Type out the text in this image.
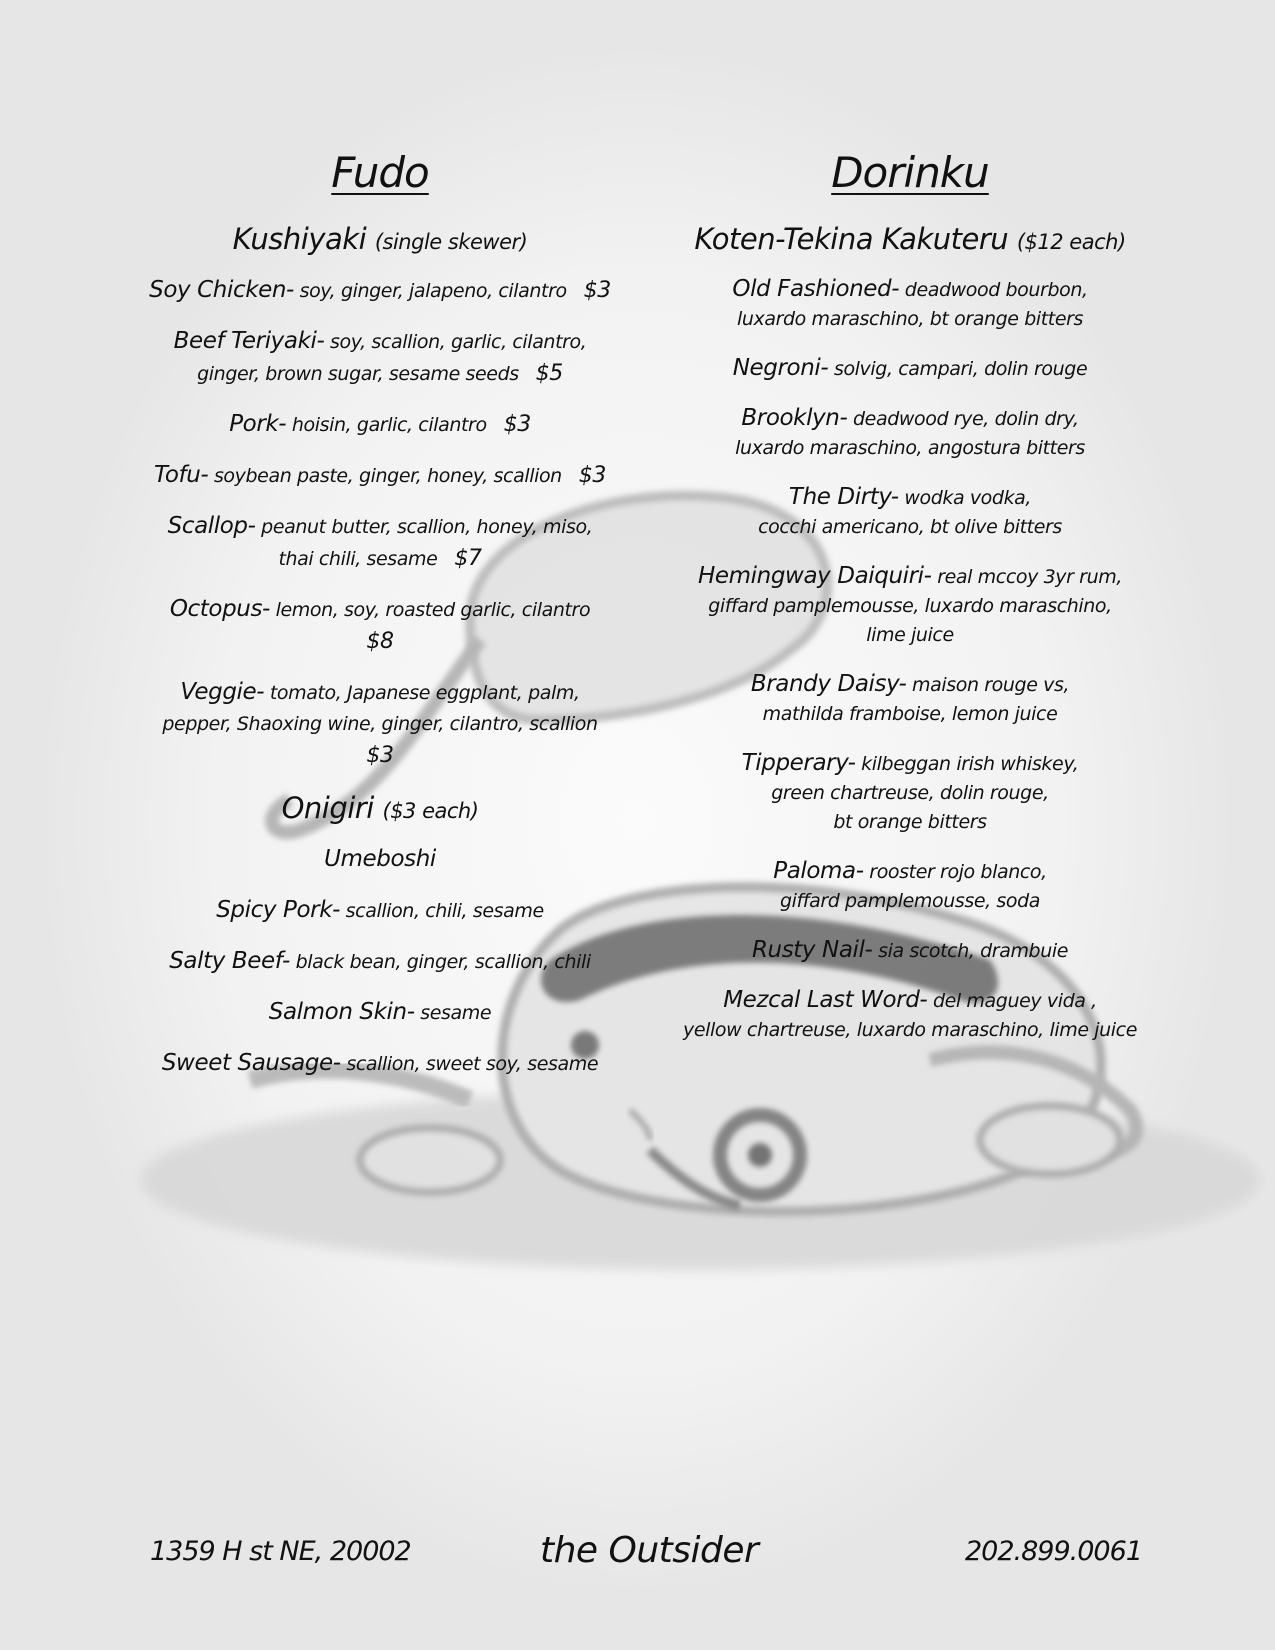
Fudo
Kushiyaki (single skewer)
Soy Chicken- soy, ginger, jalapeno, cilantro $3
Beef Teriyaki- soy, scallion, garlic, cilantro,
ginger, brown sugar, sesame seeds $5
Pork- hoisin, garlic, cilantro $3
Tofu- soybean paste, ginger, honey, scallion $3
Scallop- peanut butter, scallion, honey, miso,
thai chili, sesame $7
Octopus- lemon, soy, roasted garlic, cilantro
$8
Veggie- tomato, Japanese eggplant, palm,
pepper, Shaoxing wine, ginger, cilantro, scallion
$3
Onigiri ($3 each)
Umeboshi
Spicy Pork- scallion, chili, sesame
Salty Beef- black bean, ginger, scallion, chili
Salmon Skin- sesame
Sweet Sausage- scallion, sweet soy, sesame
Dorinku
Koten-Tekina Kakuteru ($12 each)
Old Fashioned- deadwood bourbon,
luxardo maraschino, bt orange bitters
Negroni- solvig, campari, dolin rouge
Brooklyn- deadwood rye, dolin dry,
luxardo maraschino, angostura bitters
The Dirty- wodka vodka,
cocchi americano, bt olive bitters
Hemingway Daiquiri- real mccoy 3yr rum,
giffard pamplemousse, luxardo maraschino,
lime juice
Brandy Daisy- maison rouge vs,
mathilda framboise, lemon juice
Tipperary- kilbeggan irish whiskey,
green chartreuse, dolin rouge,
bt orange bitters
Paloma- rooster rojo blanco,
giffard pamplemousse, soda
Rusty Nail- sia scotch, drambuie
Mezcal Last Word- del maguey vida ,
yellow chartreuse, luxardo maraschino, lime juice
1359 H st NE, 20002	the Outsider	202.899.0061
